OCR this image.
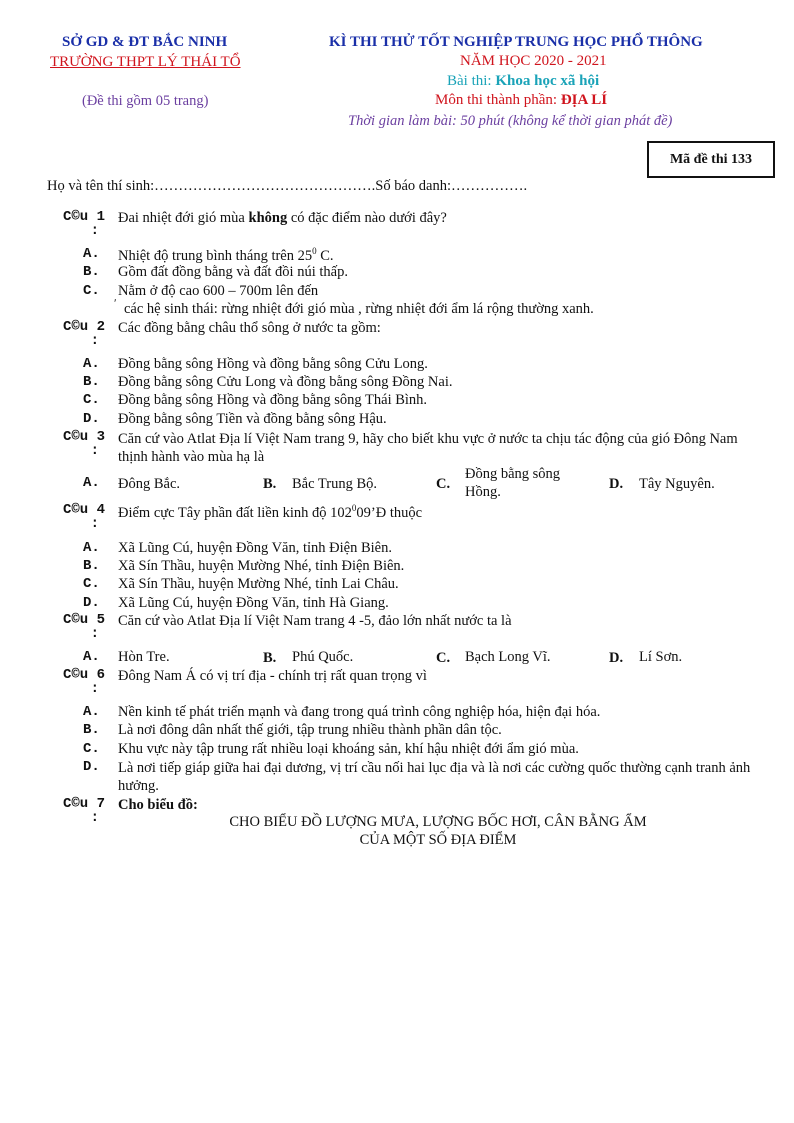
SỞ GD & ĐT BẮC NINH
TRƯỜNG THPT LÝ THÁI TỔ
(Đề thi gồm 05 trang)
KÌ THI THỬ TỐT NGHIỆP TRUNG HỌC PHỔ THÔNG
NĂM HỌC 2020 - 2021
Bài thi: Khoa học xã hội
Môn thi thành phần: ĐỊA LÍ
Thời gian làm bài: 50 phút (không kể thời gian phát đề)
Mã đề thi 133
Họ và tên thí sinh:……………………………………….Số báo danh:…………….
C©u 1
:
Đai nhiệt đới gió mùa không có đặc điểm nào dưới đây?
A.	Nhiệt độ trung bình tháng trên $25^0$ C.
B.	Gồm đất đồng bằng và đất đồi núi thấp.
C.	Nằm ở độ cao 600 – 700m lên đến
ʹ các hệ sinh thái: rừng nhiệt đới gió mùa , rừng nhiệt đới ẩm lá rộng thường xanh.
C©u 2
:
Các đồng bằng châu thổ sông ở nước ta gồm:
A.	Đồng bằng sông Hồng và đồng bằng sông Cửu Long.
B.	Đồng bằng sông Cửu Long và đồng bằng sông Đồng Nai.
C.	Đồng bằng sông Hồng và đồng bằng sông Thái Bình.
D.	Đồng bằng sông Tiền và đồng bằng sông Hậu.
C©u 3
:
Căn cứ vào Atlat Địa lí Việt Nam trang 9, hãy cho biết khu vực ở nước ta chịu tác động của gió Đông Nam thịnh hành vào mùa hạ là
A.	Đông Bắc.	B. Bắc Trung Bộ.	C.
Đồng bằng sông
Hồng.	D. Tây Nguyên.
C©u 4
:
Điểm cực Tây phần đất liền kinh độ $102^009’Đ$ thuộc
A.	Xã Lũng Cú, huyện Đồng Văn, tỉnh Điện Biên.
B.	Xã Sín Thầu, huyện Mường Nhé, tỉnh Điện Biên.
C.	Xã Sín Thầu, huyện Mường Nhé, tỉnh Lai Châu.
D.	Xã Lũng Cú, huyện Đồng Văn, tỉnh Hà Giang.
C©u 5
:
Căn cứ vào Atlat Địa lí Việt Nam trang 4 -5, đảo lớn nhất nước ta là
A.	Hòn Tre.	B. Phú Quốc.	C. Bạch Long Vĩ.	D. Lí Sơn.
C©u 6
:
Đông Nam Á có vị trí địa - chính trị rất quan trọng vì
A.	Nền kinh tế phát triển mạnh và đang trong quá trình công nghiệp hóa, hiện đại hóa.
B.	Là nơi đông dân nhất thế giới, tập trung nhiều thành phần dân tộc.
C.	Khu vực này tập trung rất nhiều loại khoáng sản, khí hậu nhiệt đới ẩm gió mùa.
D.	Là nơi tiếp giáp giữa hai đại dương, vị trí cầu nối hai lục địa và là nơi các cường quốc thường cạnh tranh ảnh hưởng.
C©u 7
:
Cho biểu đồ:
CHO BIỂU ĐỒ LƯỢNG MƯA, LƯỢNG BỐC HƠI, CÂN BẰNG ẨM
CỦA MỘT SỐ ĐỊA ĐIỂM
